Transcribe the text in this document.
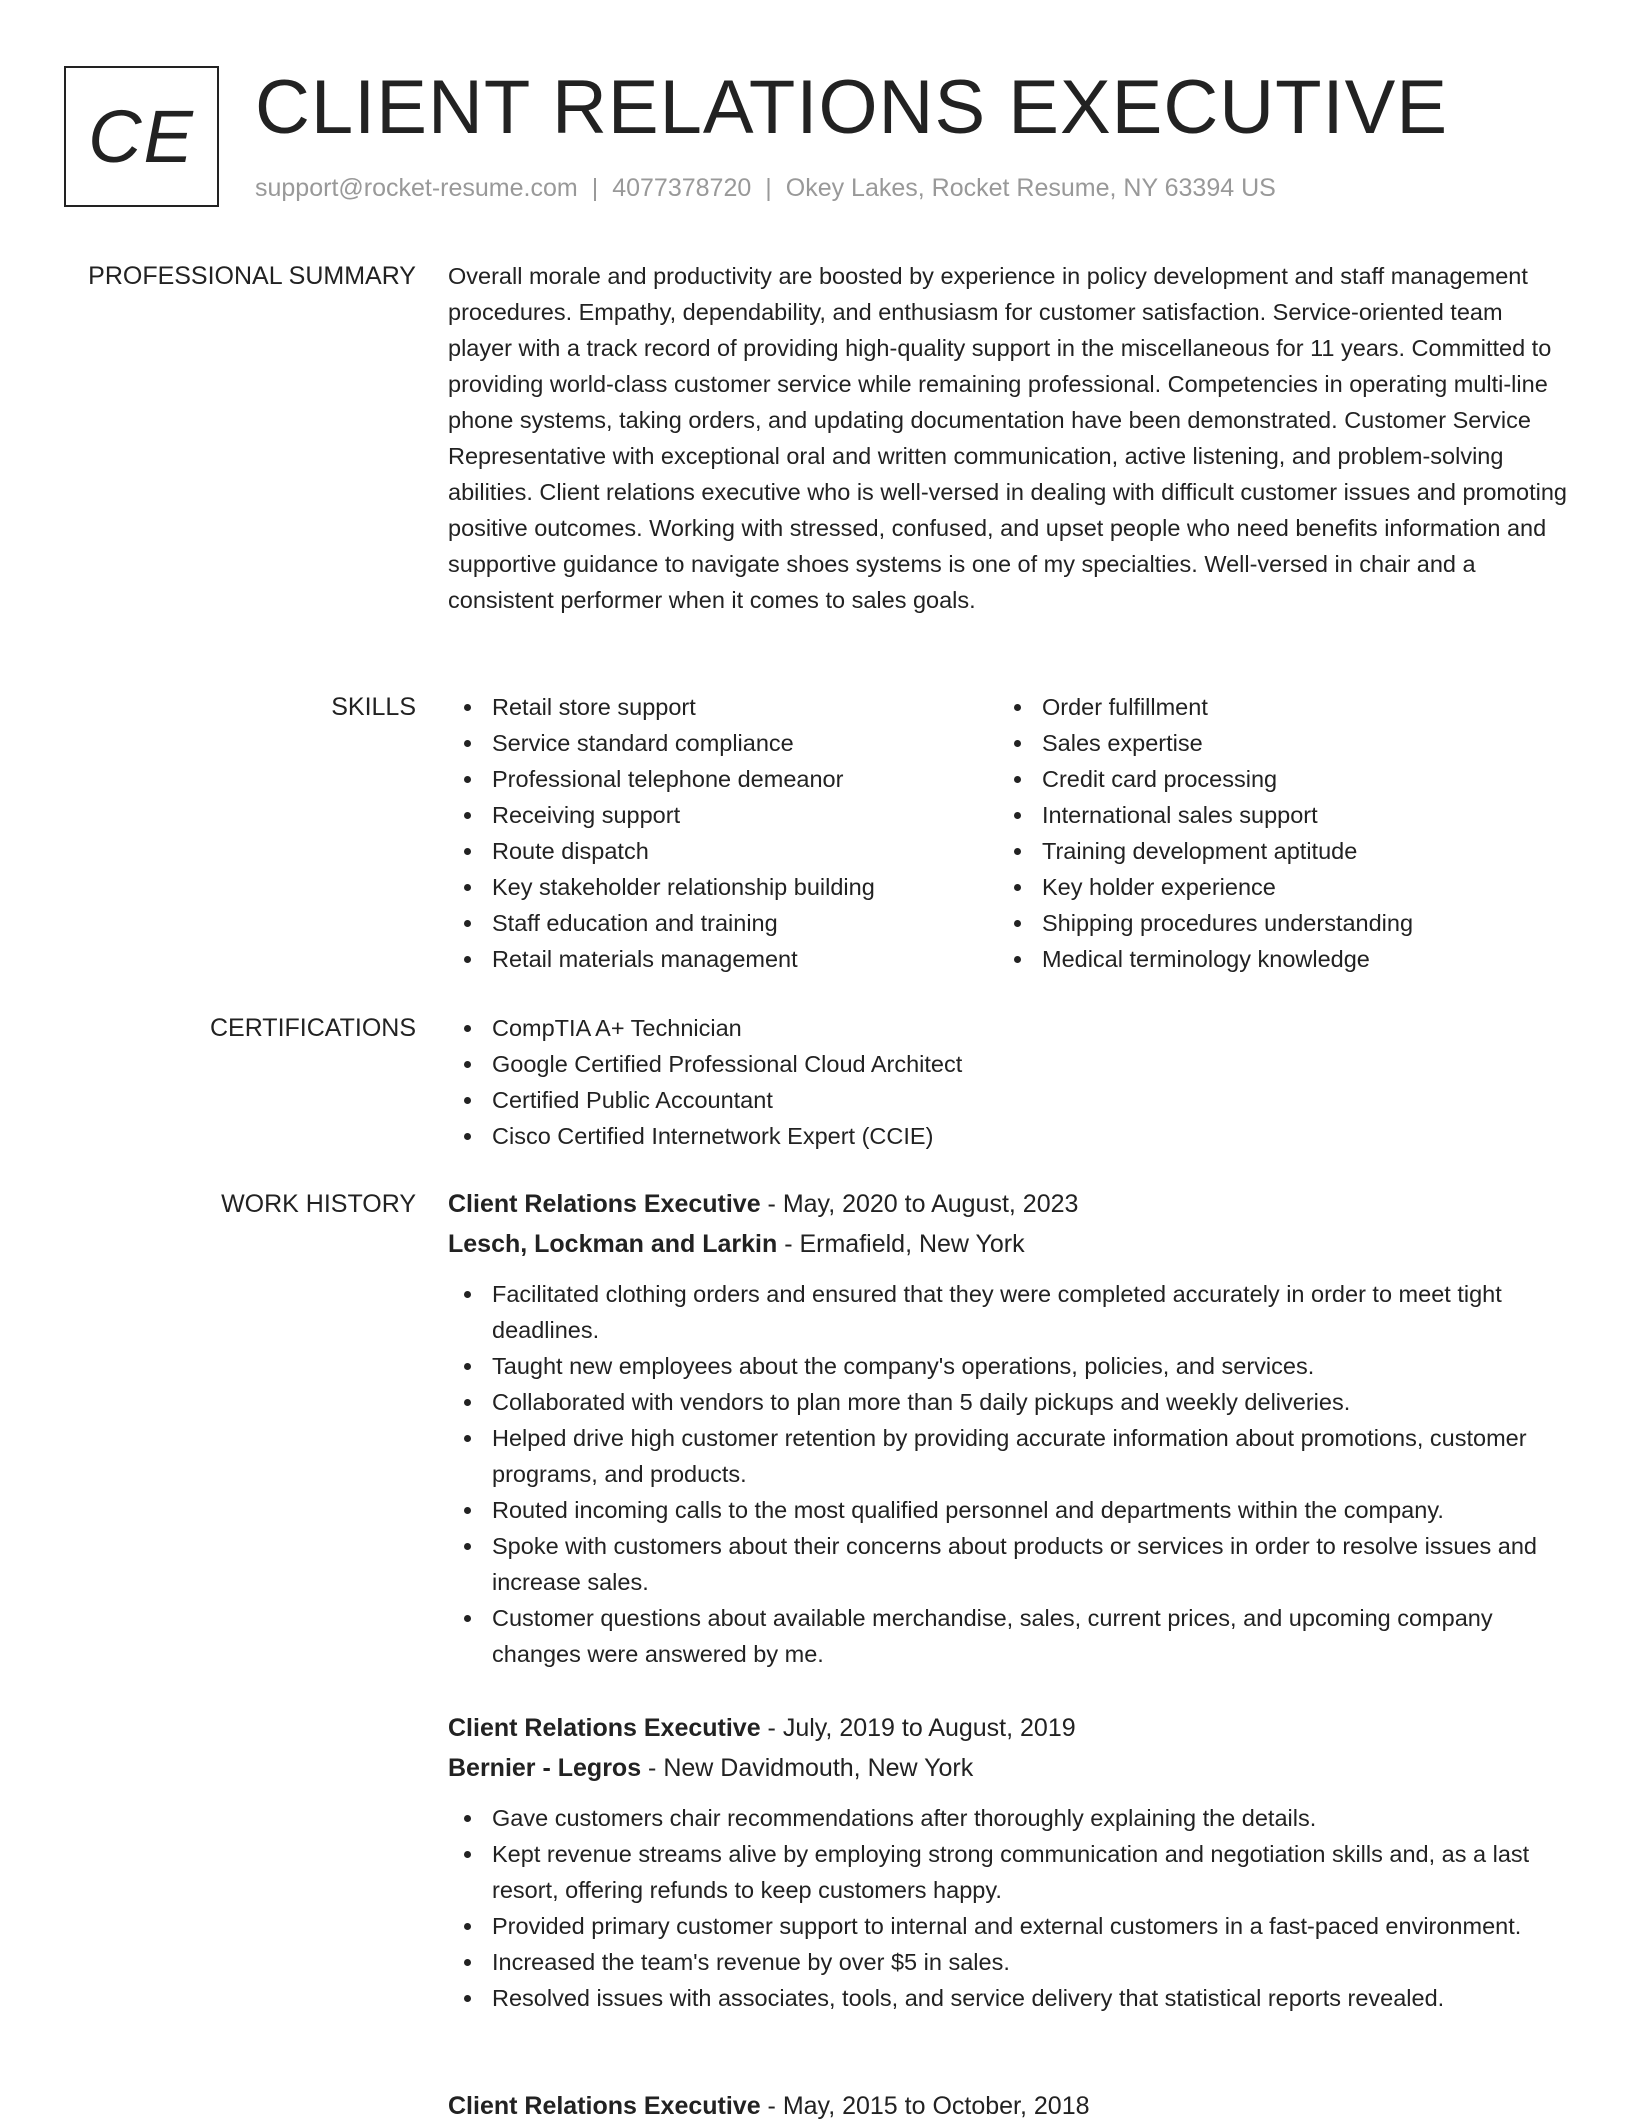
CE CLIENT RELATIONS EXECUTIVE
support@rocket-resume.com | 4077378720 | Okey Lakes, Rocket Resume, NY 63394 US
PROFESSIONAL SUMMARY Overall morale and productivity are boosted by experience in policy development and staff management procedures. Empathy, dependability, and enthusiasm for customer satisfaction. Service-oriented team player with a track record of providing high-quality support in the miscellaneous for 11 years. Committed to providing world-class customer service while remaining professional. Competencies in operating multi-line phone systems, taking orders, and updating documentation have been demonstrated. Customer Service Representative with exceptional oral and written communication, active listening, and problem-solving abilities. Client relations executive who is well-versed in dealing with difficult customer issues and promoting positive outcomes. Working with stressed, confused, and upset people who need benefits information and supportive guidance to navigate shoes systems is one of my specialties. Well-versed in chair and a consistent performer when it comes to sales goals.

SKILLS	Retail store support
Service standard compliance
Professional telephone demeanor
Receiving support
Route dispatch
Key stakeholder relationship building
Staff education and training
Retail materials management
Order fulfillment
Sales expertise
Credit card processing
International sales support
Training development aptitude
Key holder experience
Shipping procedures understanding
Medical terminology knowledge
CERTIFICATIONS	CompTIA A+ Technician
Google Certified Professional Cloud Architect
Certified Public Accountant
Cisco Certified Internetwork Expert (CCIE)
WORK HISTORY Client Relations Executive - May, 2020 to August, 2023
Lesch, Lockman and Larkin - Ermafield, New York
Facilitated clothing orders and ensured that they were completed accurately in order to meet tight deadlines.
Taught new employees about the company's operations, policies, and services.
Collaborated with vendors to plan more than 5 daily pickups and weekly deliveries.
Helped drive high customer retention by providing accurate information about promotions, customer programs, and products.
Routed incoming calls to the most qualified personnel and departments within the company.
Spoke with customers about their concerns about products or services in order to resolve issues and increase sales.
Customer questions about available merchandise, sales, current prices, and upcoming company changes were answered by me.
Client Relations Executive - July, 2019 to August, 2019
Bernier - Legros - New Davidmouth, New York
Gave customers chair recommendations after thoroughly explaining the details.
Kept revenue streams alive by employing strong communication and negotiation skills and, as a last resort, offering refunds to keep customers happy.
Provided primary customer support to internal and external customers in a fast-paced environment.
Increased the team's revenue by over $5 in sales.
Resolved issues with associates, tools, and service delivery that statistical reports revealed.
Client Relations Executive - May, 2015 to October, 2018
